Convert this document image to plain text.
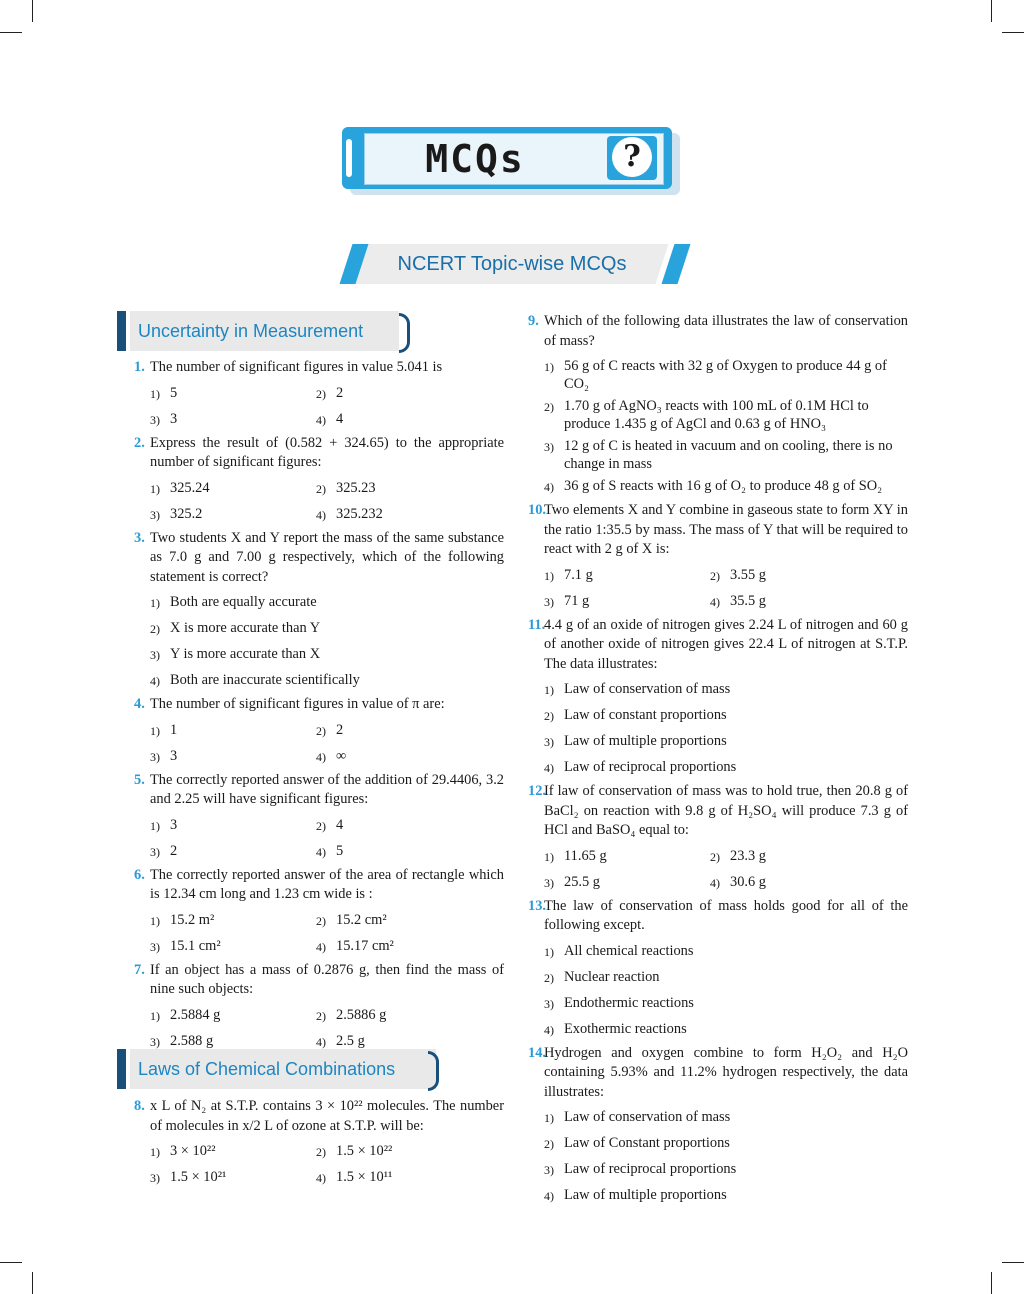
MCQs	?
NCERT Topic-wise MCQs
Uncertainty in Measurement
Laws of Chemical Combinations
1. The number of significant figures in value 5.041 is
1) 5	2) 2
3) 3	4) 4
2. Express the result of (0.582 + 324.65) to the appropriate number of significant figures:
1) 325.24	2) 325.23
3) 325.2	4) 325.232
3. Two students X and Y report the mass of the same substance as 7.0 g and 7.00 g respectively, which of the following statement is correct?
1) Both are equally accurate
2) X is more accurate than Y
3) Y is more accurate than X
4) Both are inaccurate scientifically
4. The number of significant figures in value of π are:
1) 1	2) 2
3) 3	4) ∞
5. The correctly reported answer of the addition of 29.4406, 3.2 and 2.25 will have significant figures:
1) 3	2) 4
3) 2	4) 5
6. The correctly reported answer of the area of rectangle which is 12.34 cm long and 1.23 cm wide is :
1) 15.2 m²	2) 15.2 cm²
3) 15.1 cm²	4) 15.17 cm²
7. If an object has a mass of 0.2876 g, then find the mass of nine such objects:
1) 2.5884 g	2) 2.5886 g
3) 2.588 g	4) 2.5 g
8. x L of N₂ at S.T.P. contains 3 × 10²² molecules. The number of molecules in x/2 L of ozone at S.T.P. will be:
1) 3 × 10²²	2) 1.5 × 10²²
3) 1.5 × 10²¹	4) 1.5 × 10¹¹
9. Which of the following data illustrates the law of conservation of mass?
1) 56 g of C reacts with 32 g of Oxygen to produce 44 g of CO₂
2) 1.70 g of AgNO₃ reacts with 100 mL of 0.1M HCl to produce 1.435 g of AgCl and 0.63 g of HNO₃
3) 12 g of C is heated in vacuum and on cooling, there is no change in mass
4) 36 g of S reacts with 16 g of O₂ to produce 48 g of SO₂
10.
Two elements X and Y combine in gaseous state to form XY in the ratio 1:35.5 by mass. The mass of Y that will be required to react with 2 g of X is:
1) 7.1 g	2) 3.55 g
3) 71 g	4) 35.5 g
11.
4.4 g of an oxide of nitrogen gives 2.24 L of nitrogen and 60 g of another oxide of nitrogen gives 22.4 L of nitrogen at S.T.P. The data illustrates:
1) Law of conservation of mass
2) Law of constant proportions
3) Law of multiple proportions
4) Law of reciprocal proportions
12.
If law of conservation of mass was to hold true, then 20.8 g of BaCl₂ on reaction with 9.8 g of H₂SO₄ will produce 7.3 g of HCl and BaSO₄ equal to:
1) 11.65 g	2) 23.3 g
3) 25.5 g	4) 30.6 g
13.
The law of conservation of mass holds good for all of the following except.
1) All chemical reactions
2) Nuclear reaction
3) Endothermic reactions
4) Exothermic reactions
14.
Hydrogen and oxygen combine to form H₂O₂ and H₂O containing 5.93% and 11.2% hydrogen respectively, the data illustrates:
1) Law of conservation of mass
2) Law of Constant proportions
3) Law of reciprocal proportions
4) Law of multiple proportions
